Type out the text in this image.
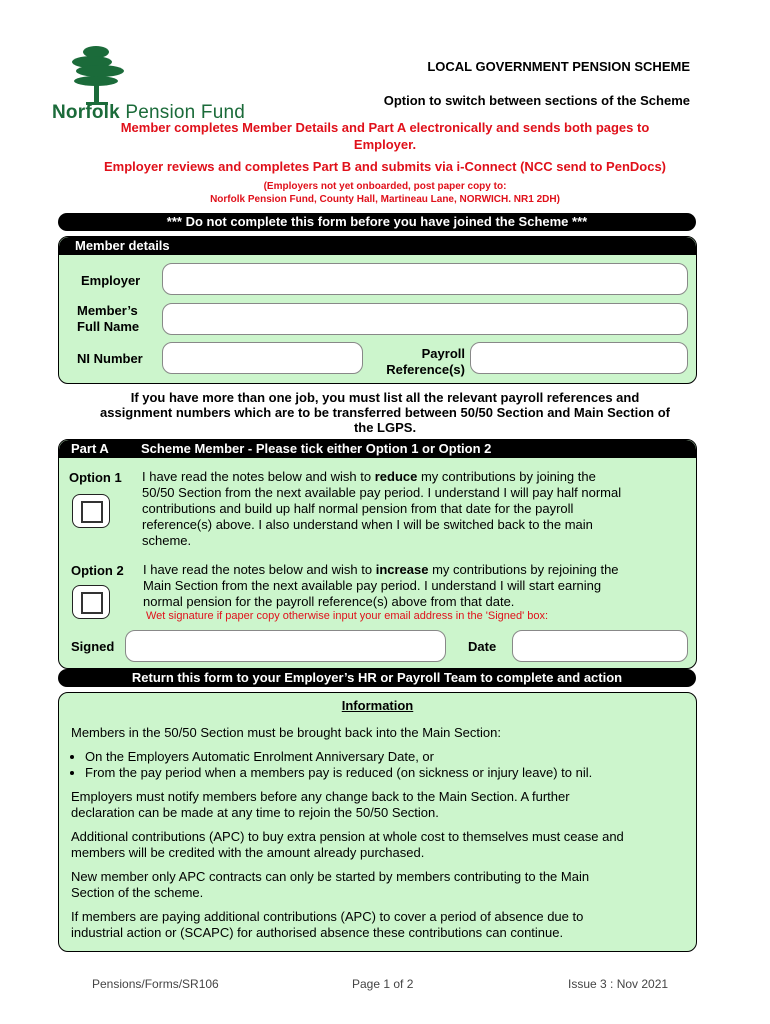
Norfolk Pension Fund
LOCAL GOVERNMENT PENSION SCHEME
Option to switch between sections of the Scheme
Member completes Member Details and Part A electronically and sends both pages to
Employer.
Employer reviews and completes Part B and submits via i-Connect (NCC send to PenDocs)
(Employers not yet onboarded, post paper copy to:
Norfolk Pension Fund, County Hall, Martineau Lane, NORWICH. NR1 2DH)
*** Do not complete this form before you have joined the Scheme ***
Member details
Employer
Member’s
Full Name
NI Number	Payroll
Reference(s)
If you have more than one job, you must list all the relevant payroll references and
assignment numbers which are to be transferred between 50/50 Section and Main Section of
the LGPS.
Part A Scheme Member - Please tick either Option 1 or Option 2
Option 1 I have read the notes below and wish to reduce my contributions by joining the
50/50 Section from the next available pay period. I understand I will pay half normal
contributions and build up half normal pension from that date for the payroll
reference(s) above. I also understand when I will be switched back to the main
scheme.
Option 2 I have read the notes below and wish to increase my contributions by rejoining the
Main Section from the next available pay period. I understand I will start earning
normal pension for the payroll reference(s) above from that date.
Wet signature if paper copy otherwise input your email address in the 'Signed' box:
Signed	Date
Return this form to your Employer’s HR or Payroll Team to complete and action
Information
Members in the 50/50 Section must be brought back into the Main Section:
• On the Employers Automatic Enrolment Anniversary Date, or
• From the pay period when a members pay is reduced (on sickness or injury leave) to nil.
Employers must notify members before any change back to the Main Section. A further
declaration can be made at any time to rejoin the 50/50 Section.
Additional contributions (APC) to buy extra pension at whole cost to themselves must cease and
members will be credited with the amount already purchased.
New member only APC contracts can only be started by members contributing to the Main
Section of the scheme.
If members are paying additional contributions (APC) to cover a period of absence due to
industrial action or (SCAPC) for authorised absence these contributions can continue.
Pensions/Forms/SR106	Page 1 of 2	Issue 3 : Nov 2021
